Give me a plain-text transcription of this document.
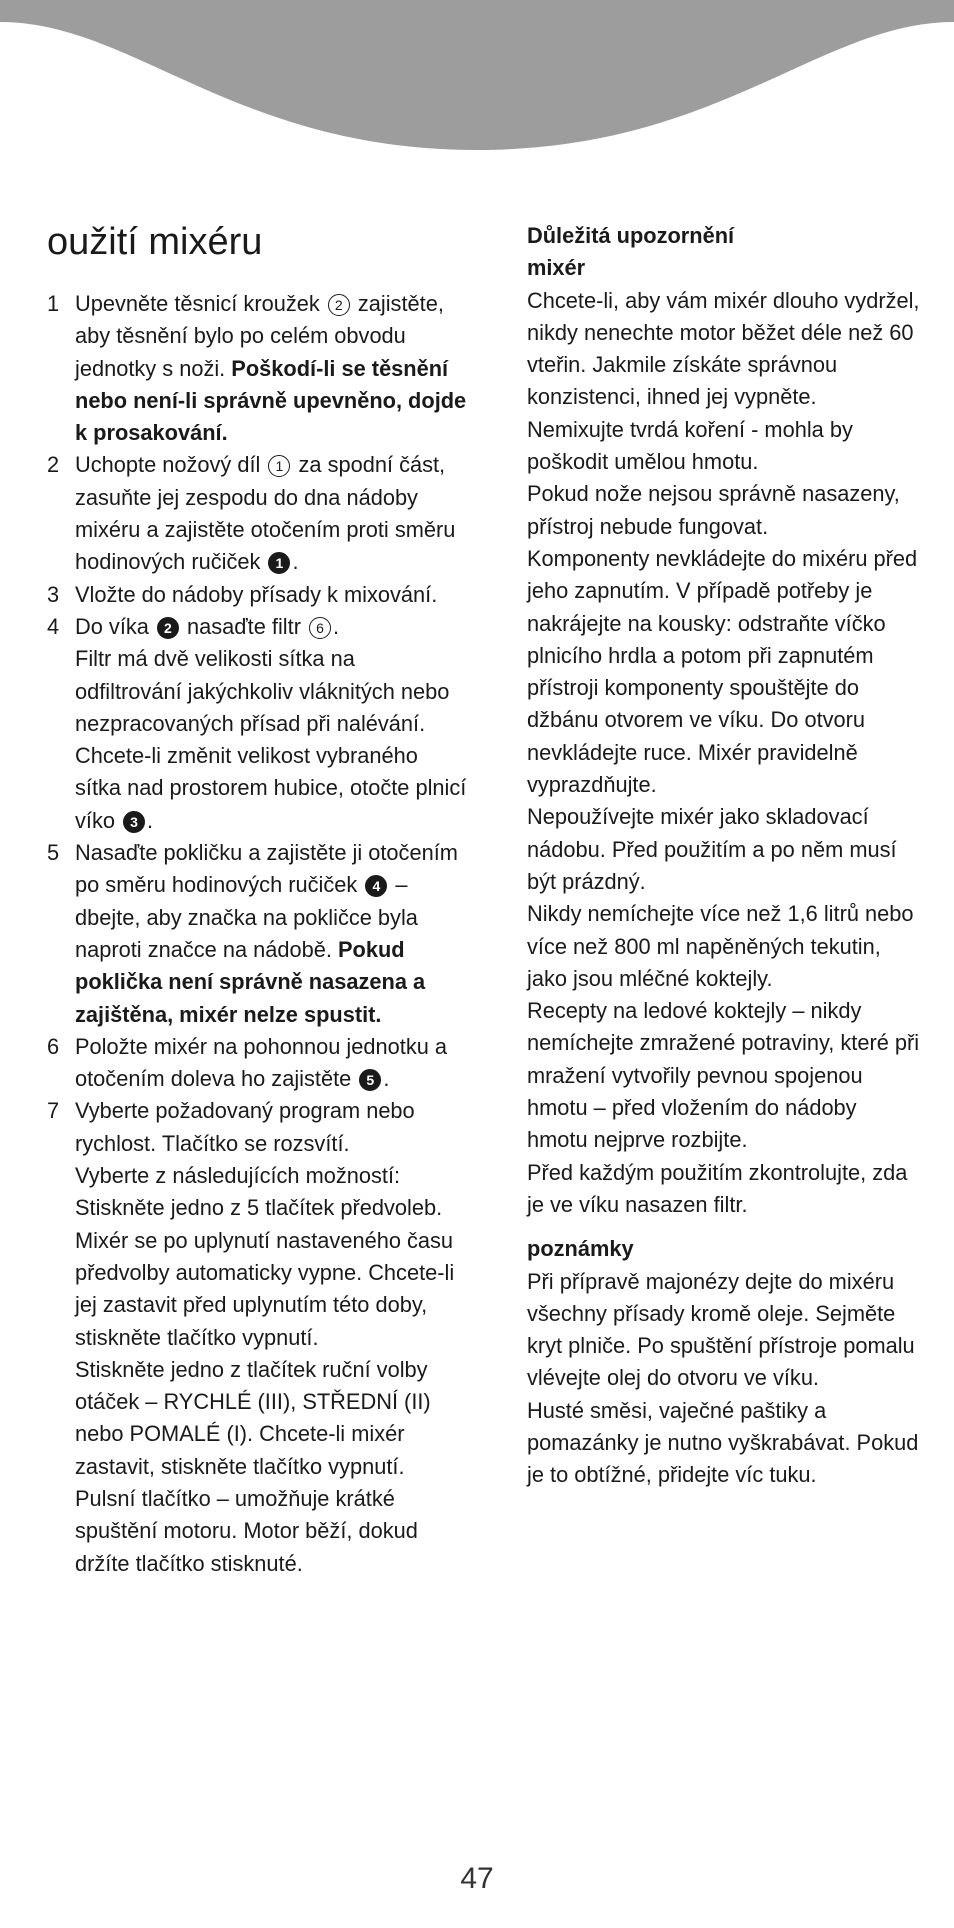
oužití mixéru
1 Upevněte těsnicí kroužek 2 zajistěte, aby těsnění bylo po celém obvodu jednotky s noži. Poškodí-li se těsnění nebo není-li správně upevněno, dojde k prosakování.
2 Uchopte nožový díl 1 za spodní část, zasuňte jej zespodu do dna nádoby mixéru a zajistěte otočením proti směru hodinových ručiček 1 .
3 Vložte do nádoby přísady k mixování.
4 Do víka 2 nasaďte filtr 6 .
Filtr má dvě velikosti sítka na odfiltrování jakýchkoliv vláknitých nebo nezpracovaných přísad při nalévání.
Chcete-li změnit velikost vybraného sítka nad prostorem hubice, otočte plnicí víko 3 .
5 Nasaďte pokličku a zajistěte ji otočením po směru hodinových ručiček 4 – dbejte, aby značka na pokličce byla naproti značce na nádobě. Pokud poklička není správně nasazena a zajištěna, mixér nelze spustit.
6 Položte mixér na pohonnou jednotku a otočením doleva ho zajistěte 5 .
7 Vyberte požadovaný program nebo rychlost. Tlačítko se rozsvítí.
Vyberte z následujících možností:
Stiskněte jedno z 5 tlačítek předvoleb. Mixér se po uplynutí nastaveného času předvolby automaticky vypne. Chcete-li jej zastavit před uplynutím této doby, stiskněte tlačítko vypnutí.
Stiskněte jedno z tlačítek ruční volby otáček – RYCHLÉ (III), STŘEDNÍ (II) nebo POMALÉ (I). Chcete-li mixér zastavit, stiskněte tlačítko vypnutí.
Pulsní tlačítko – umožňuje krátké spuštění motoru. Motor běží, dokud držíte tlačítko stisknuté.

Důležitá upozornění

mixér

Chcete-li, aby vám mixér dlouho vydržel, nikdy nenechte motor běžet déle než 60 vteřin. Jakmile získáte správnou konzistenci, ihned jej vypněte.

Nemixujte tvrdá koření - mohla by poškodit umělou hmotu.

Pokud nože nejsou správně nasazeny, přístroj nebude fungovat.

Komponenty nevkládejte do mixéru před jeho zapnutím. V případě potřeby je nakrájejte na kousky: odstraňte víčko plnicího hrdla a potom při zapnutém přístroji komponenty spouštějte do džbánu otvorem ve víku. Do otvoru nevkládejte ruce. Mixér pravidelně vyprazdňujte.

Nepoužívejte mixér jako skladovací nádobu. Před použitím a po něm musí být prázdný.

Nikdy nemíchejte více než 1,6 litrů nebo více než 800 ml napěněných tekutin, jako jsou mléčné koktejly.

Recepty na ledové koktejly – nikdy nemíchejte zmražené potraviny, které při mražení vytvořily pevnou spojenou hmotu – před vložením do nádoby hmotu nejprve rozbijte.

Před každým použitím zkontrolujte, zda je ve víku nasazen filtr.

poznámky

Při přípravě majonézy dejte do mixéru všechny přísady kromě oleje. Sejměte kryt plniče. Po spuštění přístroje pomalu vlévejte olej do otvoru ve víku.

Husté směsi, vaječné paštiky a pomazánky je nutno vyškrabávat. Pokud je to obtížné, přidejte víc tuku.

47
